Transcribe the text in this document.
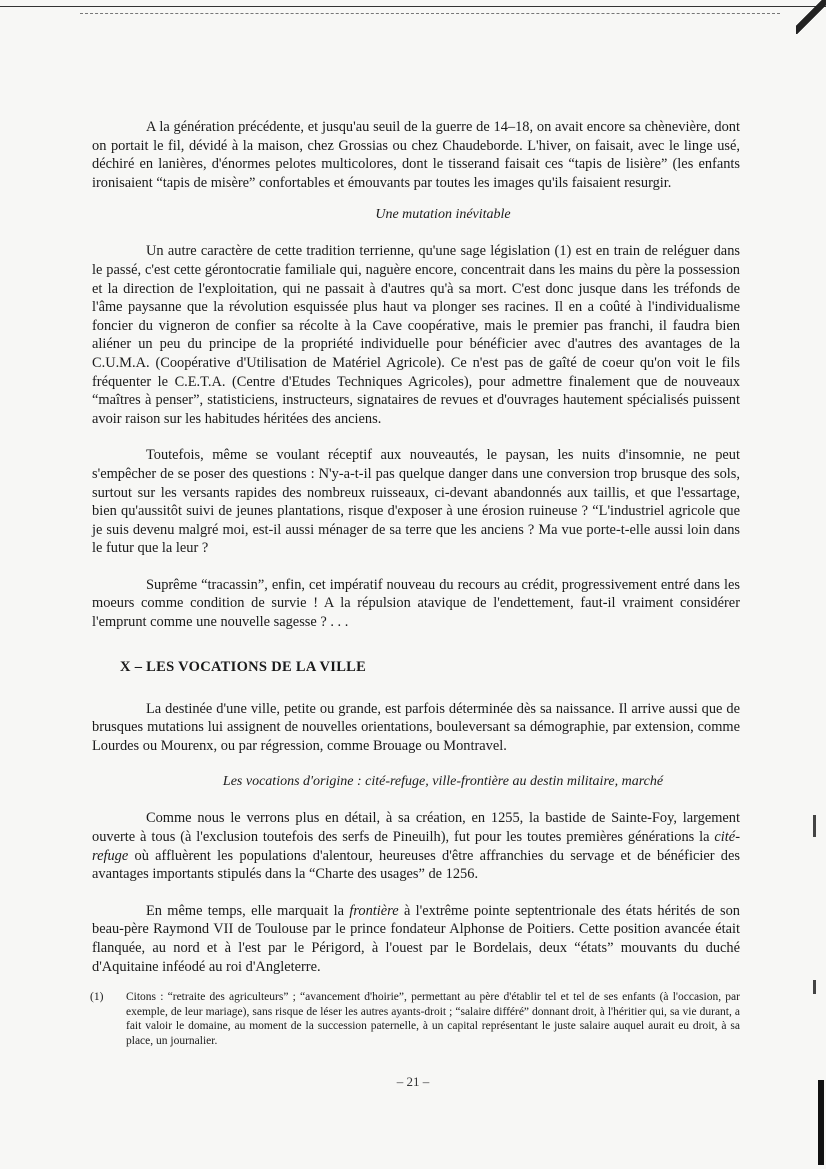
A la génération précédente, et jusqu'au seuil de la guerre de 14–18, on avait encore sa chènevière, dont on portait le fil, dévidé à la maison, chez Grossias ou chez Chaudeborde. L'hiver, on faisait, avec le linge usé, déchiré en lanières, d'énormes pelotes multicolores, dont le tisserand faisait ces “tapis de lisière” (les enfants ironisaient “tapis de misère” confortables et émouvants par toutes les images qu'ils faisaient resurgir.

Une mutation inévitable

Un autre caractère de cette tradition terrienne, qu'une sage législation (1) est en train de reléguer dans le passé, c'est cette gérontocratie familiale qui, naguère encore, concentrait dans les mains du père la possession et la direction de l'exploitation, qui ne passait à d'autres qu'à sa mort. C'est donc jusque dans les tréfonds de l'âme paysanne que la révolution esquissée plus haut va plonger ses racines. Il en a coûté à l'individualisme foncier du vigneron de confier sa récolte à la Cave coopérative, mais le premier pas franchi, il faudra bien aliéner un peu du principe de la propriété individuelle pour bénéficier avec d'autres des avantages de la C.U.M.A. (Coopérative d'Utilisation de Matériel Agricole). Ce n'est pas de gaîté de coeur qu'on voit le fils fréquenter le C.E.T.A. (Centre d'Etudes Techniques Agricoles), pour admettre finalement que de nouveaux “maîtres à penser”, statisticiens, instructeurs, signataires de revues et d'ouvrages hautement spécialisés puissent avoir raison sur les habitudes héritées des anciens.

Toutefois, même se voulant réceptif aux nouveautés, le paysan, les nuits d'insomnie, ne peut s'empêcher de se poser des questions : N'y-a-t-il pas quelque danger dans une conversion trop brusque des sols, surtout sur les versants rapides des nombreux ruisseaux, ci-devant abandonnés aux taillis, et que l'essartage, bien qu'aussitôt suivi de jeunes plantations, risque d'exposer à une érosion ruineuse ? “L'industriel agricole que je suis devenu malgré moi, est-il aussi ménager de sa terre que les anciens ? Ma vue porte-t-elle aussi loin dans le futur que la leur ?

Suprême “tracassin”, enfin, cet impératif nouveau du recours au crédit, progressivement entré dans les moeurs comme condition de survie ! A la répulsion atavique de l'endettement, faut-il vraiment considérer l'emprunt comme une nouvelle sagesse ? . . .

X – LES VOCATIONS DE LA VILLE

La destinée d'une ville, petite ou grande, est parfois déterminée dès sa naissance. Il arrive aussi que de brusques mutations lui assignent de nouvelles orientations, bouleversant sa démographie, par extension, comme Lourdes ou Mourenx, ou par régression, comme Brouage ou Montravel.

Les vocations d'origine : cité-refuge, ville-frontière au destin militaire, marché

Comme nous le verrons plus en détail, à sa création, en 1255, la bastide de Sainte-Foy, largement ouverte à tous (à l'exclusion toutefois des serfs de Pineuilh), fut pour les toutes premières générations la cité-refuge où affluèrent les populations d'alentour, heureuses d'être affranchies du servage et de bénéficier des avantages importants stipulés dans la “Charte des usages” de 1256.

En même temps, elle marquait la frontière à l'extrême pointe septentrionale des états hérités de son beau-père Raymond VII de Toulouse par le prince fondateur Alphonse de Poitiers. Cette position avancée était flanquée, au nord et à l'est par le Périgord, à l'ouest par le Bordelais, deux “états” mouvants du duché d'Aquitaine inféodé au roi d'Angleterre.

(1)	Citons : “retraite des agriculteurs” ; “avancement d'hoirie”, permettant au père d'établir tel et tel de ses enfants (à l'occasion, par exemple, de leur mariage), sans risque de léser les autres ayants-droit ; “salaire différé” donnant droit, à l'héritier qui, sa vie durant, a fait valoir le domaine, au moment de la succession paternelle, à un capital représentant le juste salaire auquel aurait eu droit, à sa place, un journalier.
– 21 –
